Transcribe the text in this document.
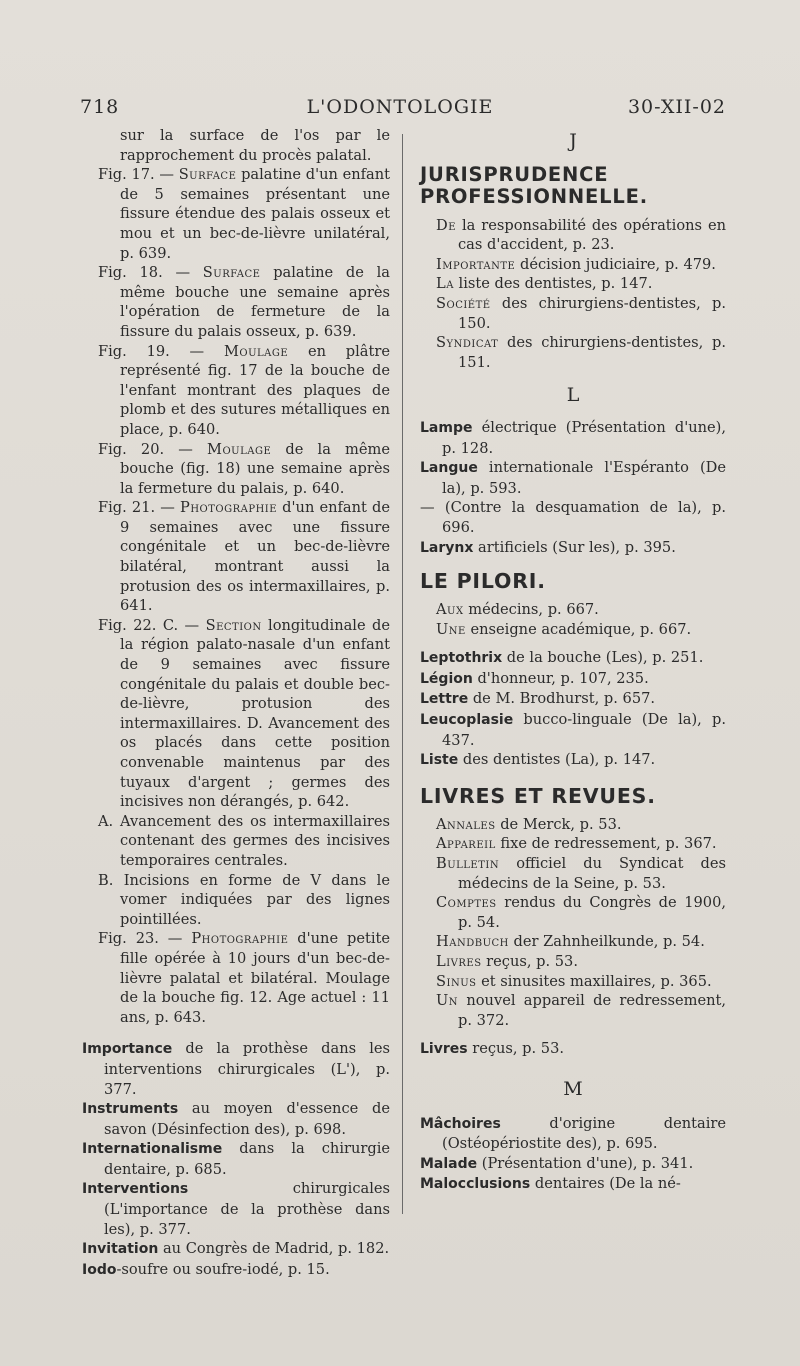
718	L'ODONTOLOGIE	30-XII-02

sur la surface de l'os par le rapprochement du procès palatal.

Fig. 17. — Surface palatine d'un enfant de 5 semaines présentant une fissure étendue des palais osseux et mou et un bec-de-lièvre unilatéral, p. 639.

Fig. 18. — Surface palatine de la même bouche une semaine après l'opération de fermeture de la fissure du palais osseux, p. 639.

Fig. 19. — Moulage en plâtre représenté fig. 17 de la bouche de l'enfant montrant des plaques de plomb et des sutures métalliques en place, p. 640.

Fig. 20. — Moulage de la même bouche (fig. 18) une semaine après la fermeture du palais, p. 640.

Fig. 21. — Photographie d'un enfant de 9 semaines avec une fissure congénitale et un bec-de-lièvre bilatéral, montrant aussi la protusion des os intermaxillaires, p. 641.

Fig. 22. C. — Section longitudinale de la région palato-nasale d'un enfant de 9 semaines avec fissure congénitale du palais et double bec-de-lièvre, protusion des intermaxillaires. D. Avancement des os placés dans cette position convenable maintenus par des tuyaux d'argent ; germes des incisives non dérangés, p. 642.

A. Avancement des os intermaxillaires contenant des germes des incisives temporaires centrales.

B. Incisions en forme de V dans le vomer indiquées par des lignes pointillées.

Fig. 23. — Photographie d'une petite fille opérée à 10 jours d'un bec-de-lièvre palatal et bilatéral. Moulage de la bouche fig. 12. Age actuel : 11 ans, p. 643.

Importance de la prothèse dans les interventions chirurgicales (L'), p. 377.

Instruments au moyen d'essence de savon (Désinfection des), p. 698.

Internationalisme dans la chirurgie dentaire, p. 685.

Interventions chirurgicales (L'importance de la prothèse dans les), p. 377.

Invitation au Congrès de Madrid, p. 182.

Iodo-soufre ou soufre-iodé, p. 15.

J
JURISPRUDENCE PROFESSIONNELLE.

De la responsabilité des opérations en cas d'accident, p. 23.

Importante décision judiciaire, p. 479.

La liste des dentistes, p. 147.

Société des chirurgiens-dentistes, p. 150.

Syndicat des chirurgiens-dentistes, p. 151.

L

Lampe électrique (Présentation d'une), p. 128.

Langue internationale l'Espéranto (De la), p. 593.

— (Contre la desquamation de la), p. 696.

Larynx artificiels (Sur les), p. 395.

LE PILORI.

Aux médecins, p. 667.

Une enseigne académique, p. 667.

Leptothrix de la bouche (Les), p. 251.

Légion d'honneur, p. 107, 235.

Lettre de M. Brodhurst, p. 657.

Leucoplasie bucco-linguale (De la), p. 437.

Liste des dentistes (La), p. 147.

LIVRES ET REVUES.

Annales de Merck, p. 53.

Appareil fixe de redressement, p. 367.

Bulletin officiel du Syndicat des médecins de la Seine, p. 53.

Comptes rendus du Congrès de 1900, p. 54.

Handbuch der Zahnheilkunde, p. 54.

Livres reçus, p. 53.

Sinus et sinusites maxillaires, p. 365.

Un nouvel appareil de redressement, p. 372.

Livres reçus, p. 53.

M

Mâchoires d'origine dentaire (Ostéopériostite des), p. 695.

Malade (Présentation d'une), p. 341.

Malocclusions dentaires (De la né-
